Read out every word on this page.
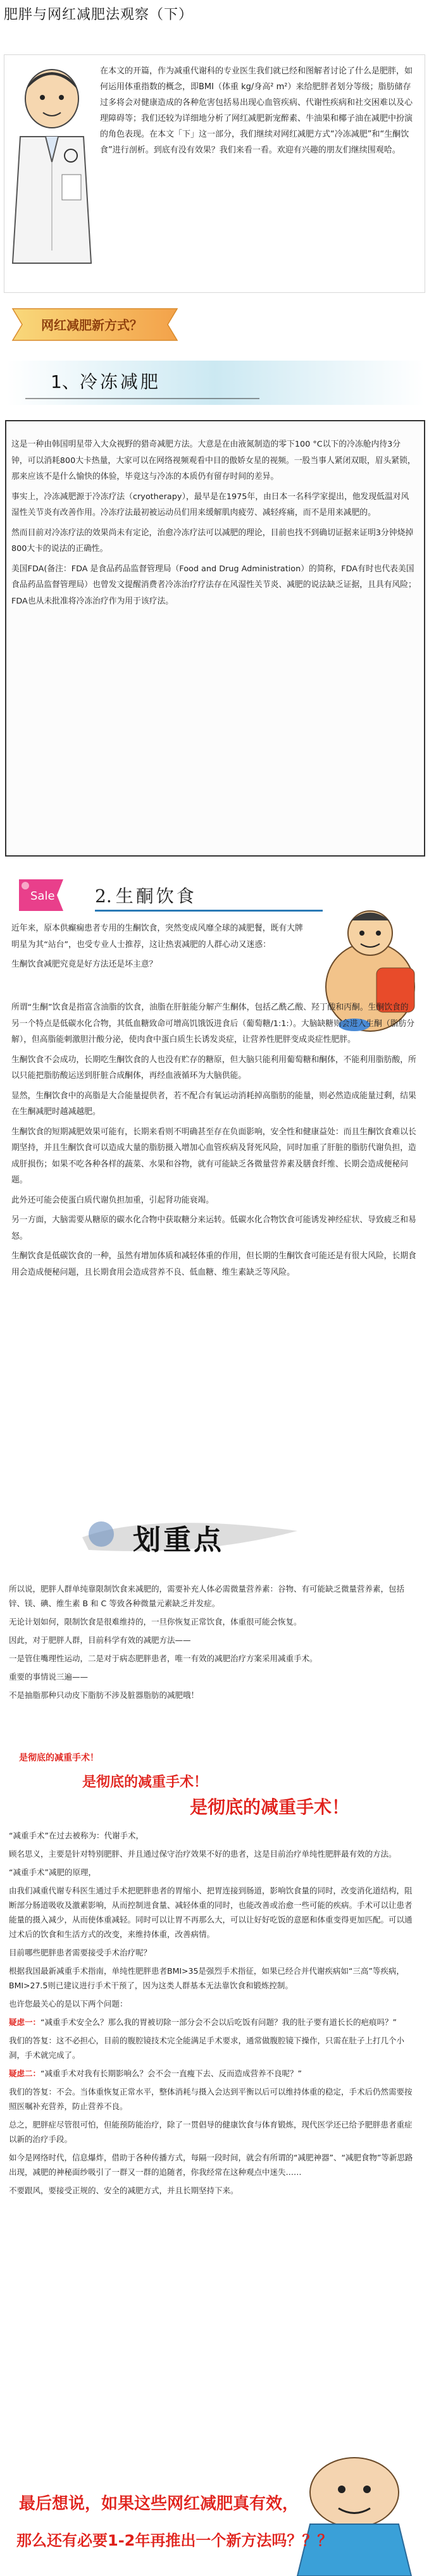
肥胖与网红减肥法观察（下）

在本文的开篇，作为减重代谢科的专业医生我们就已经和图解者讨论了什么是肥胖，如何运用体重指数的概念，即BMI（体重 kg/身高² m²）来给肥胖者划分等级；脂肪储存过多将会对健康造成的各种危害包括易出现心血管疾病、代谢性疾病和社交困难以及心理障碍等；我们还较为详细地分析了网红减肥新宠醉素、牛油果和椰子油在减肥中扮演的角色表现。在本文「下」这一部分，我们继续对网红减肥方式“冷冻减肥”和“生酮饮食”进行剖析。到底有没有效果？我们来看一看。欢迎有兴趣的朋友们继续围观哈。

网红减肥新方式？
1、冷冻减肥

这是一种由韩国明星带入大众视野的猎奇减肥方法。大意是在由液氮制造的零下100 °C以下的冷冻舱内待3分钟，可以消耗800大卡热量，大家可以在网络视频观看中目的傲娇女星的视频。一股当事人紧闭双眼，眉头紧锁，那来应该不是什么愉快的体验，毕竟这与冷冻的本质仍有留存时间的差异。

事实上，冷冻减肥源于冷冻疗法（cryotherapy），最早是在1975年，由日本一名科学家提出，他发现低温对风湿性关节炎有改善作用。冷冻疗法最初被运动员们用来缓解肌肉疲劳、减轻疼痛，而不是用来减肥的。

然而目前对冷冻疗法的效果尚未有定论，治愈冷冻疗法可以减肥的理论，目前也找不到确切证据来证明3分钟烧掉800大卡的说法的正确性。

美国FDA(备注：FDA 是食品药品监督管理局（Food and Drug Administration）的简称，FDA有时也代表美国食品药品监督管理局）也曾发文提醒消费者冷冻治疗疗法存在风湿性关节炎、减肥的说法缺乏证据，且具有风险；FDA也从未批准将冷冻治疗作为用于该疗法。

Sale 2. 生酮饮食

近年来，原本供癫痫患者专用的生酮饮食，突然变成风靡全球的减肥餐，既有大牌明星为其“站台”，也受专业人士推荐，这让热衷减肥的人群心动又迷惑：

生酮饮食减肥究竟是好方法还是坏主意？

所谓“生酮”饮食是指富含油脂的饮食，油脂在肝脏能分解产生酮体，包括乙酰乙酸、羟丁酸和丙酮。生酮饮食的另一个特点是低碳水化合物，其低血糖致命可增高饥饿饭进食后（葡萄糖/1:1:）。大脑缺糖则会进入生酮（脂肪分解），但高脂能刺激胆汁酸分泌，使肉食中蛋白质生长诱发炎症，让营养性肥胖变成炎症性肥胖。

生酮饮食不会成功，长期吃生酮饮食的人也没有贮存的糖原，但大脑只能利用葡萄糖和酮体，不能利用脂肪酸，所以只能把脂肪酸运送到肝脏合成酮体，再经血液循环为大脑供能。

显然，生酮饮食中的高脂是大合能量提供者，若不配合有氧运动消耗掉高脂肪的能量，则必然造成能量过剩，结果在生酮减肥时越减越肥。

生酮饮食的短期减肥效果可能有，长期来看则不明确甚至存在负面影响，安全性和健康益处：而且生酮饮食难以长期坚持，并且生酮饮食可以造成大量的脂肪摄入增加心血管疾病及肾死风险，同时加重了肝脏的脂肪代谢负担，造成肝损伤；如果不吃各种各样的蔬菜、水果和谷物，就有可能缺乏各微量营养素及膳食纤维、长期会造成便秘问题。

此外还可能会使蛋白质代谢负担加重，引起肾功能衰竭。

另一方面，大脑需要从糖原的碳水化合物中获取糖分来运转。低碳水化合物饮食可能诱发神经症状、导致疲乏和易怒。

生酮饮食是低碳饮食的一种，虽然有增加体质和减轻体重的作用，但长期的生酮饮食可能还是有很大风险，长期食用会造成便秘问题，且长期食用会造成营养不良、低血糖、维生素缺乏等风险。

划重点

所以说，肥胖人群单纯靠限制饮食来减肥的，需要补充人体必需微量营养素：谷物、有可能缺乏微量营养素，包括锌、镁、碘、维生素 B 和 C 等致各种微量元素缺乏并发症。

无论计划如何，限制饮食是很难维持的，一旦你恢复正常饮食，体重很可能会恢复。

因此，对于肥胖人群，目前科学有效的减肥方法——

一是管住嘴理性运动，二是对于病态肥胖患者，唯一有效的减肥治疗方案采用减重手术。

重要的事情说三遍——

不是抽脂那种只动皮下脂肪不涉及脏器脂肪的减肥哦！

是彻底的减重手术！
是彻底的减重手术！
是彻底的减重手术！

“减重手术”在过去被称为：代谢手术，

顾名思义，主要是针对特别肥胖、并且通过保守治疗效果不好的患者，这是目前治疗单纯性肥胖最有效的方法。

“减重手术”减肥的原理，

由我们减重代谢专科医生通过手术把肥胖患者的胃缩小、把胃连接到肠道，影响饮食量的同时，改变消化道结构，阻断部分肠道吸收及激素影响，从而控制进食量、减轻体重的同时，也能改善或治愈一些可能的疾病。手术可以让患者能量的摄入减少，从而使体重减轻。同时可以让胃不再那么大，可以让好好吃饭的意愿和体重变得更加匹配。可以通过术后的饮食和生活方式的改变，来维持体重，改善病情。

目前哪些肥胖患者需要接受手术治疗呢？

根据我国最新减重手术指南，单纯性肥胖患者BMI>35是强烈手术指征，如果已经合并代谢疾病如“三高”等疾病，BMI>27.5则已建议进行手术干预了，因为这类人群基本无法靠饮食和锻炼控制。

也许您最关心的是以下两个问题：

疑虑一：“减重手术安全么？那么我的胃被切除一部分会不会以后吃饭有问题？我的肚子要有道长长的疤痕吗？”

我们的答复：这不必担心，目前的腹腔镜技术完全能满足手术要求，通常做腹腔镜下操作，只需在肚子上打几个小洞，手术就完成了。

疑虑二：“减重手术对我有长期影响么？会不会一直瘦下去、反而造成营养不良呢？”

我们的答复：不会。当体重恢复正常水平，整体消耗与摄入会达到平衡以后可以维持体重的稳定，手术后仍然需要按照医嘱补充营养，防止营养不良。

总之，肥胖症尽管很可怕，但能预防能治疗，除了一贯倡导的健康饮食与体育锻炼，现代医学还已给予肥胖患者重症以新的治疗手段。

如今是网络时代，信息爆炸，借助于各种传播方式，每隔一段时间，就会有所谓的“减肥神器”、“减肥食物”等新思路出现，减肥的神秘面纱吸引了一群又一群的追随者，你我经常在这种观点中迷失……

不要跟风，要接受正规的、安全的减肥方式，并且长期坚持下来。

最后想说，如果这些网红减肥真有效，
那么还有必要1-2年再推出一个新方法吗？？？
